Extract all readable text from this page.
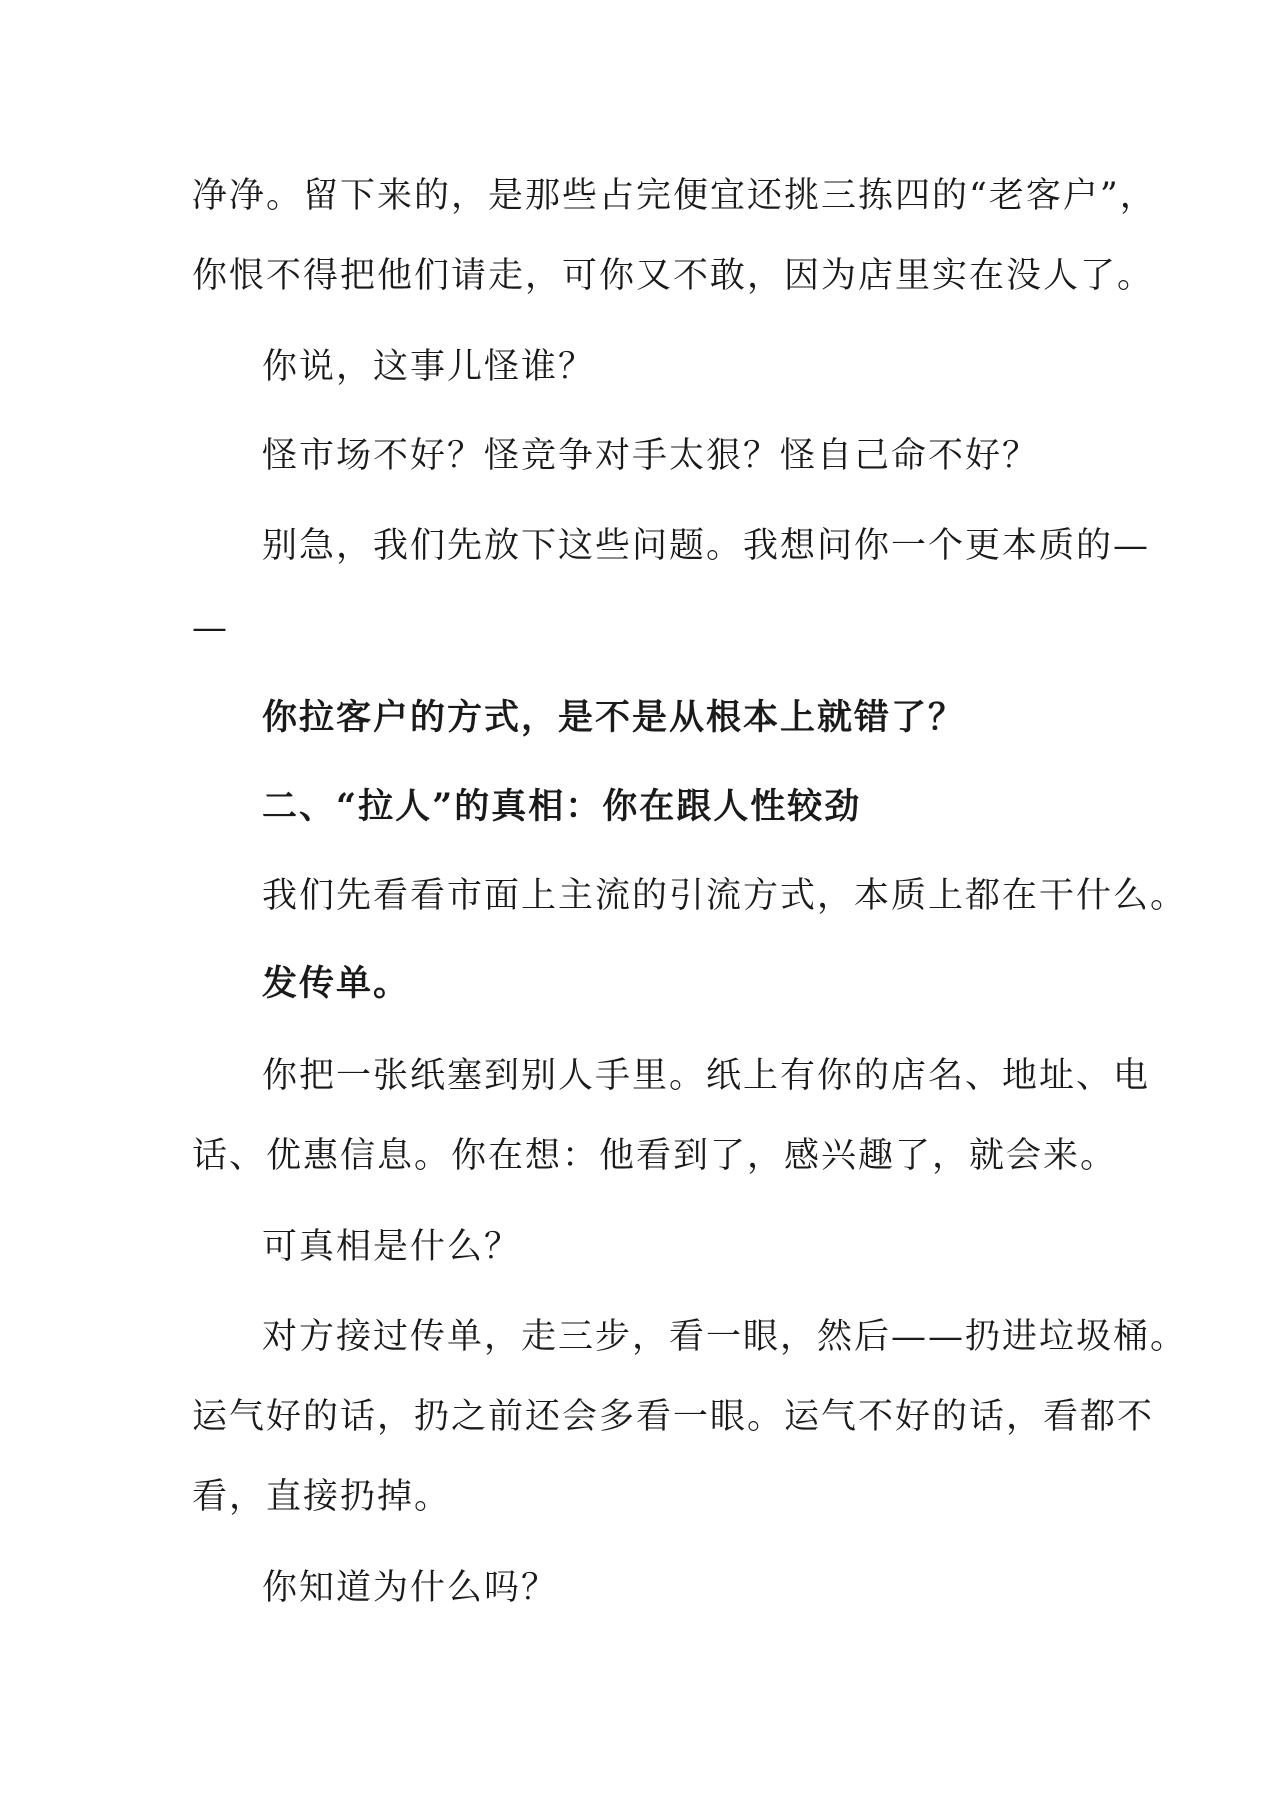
净净。留下来的，是那些占完便宜还挑三拣四的“老客户”，
你恨不得把他们请走，可你又不敢，因为店里实在没人了。
你说，这事儿怪谁？
怪市场不好？怪竞争对手太狠？怪自己命不好？
别急，我们先放下这些问题。我想问你一个更本质的—
—
你拉客户的方式，是不是从根本上就错了？
二、“拉人”的真相：你在跟人性较劲
我们先看看市面上主流的引流方式，本质上都在干什么。
发传单。
你把一张纸塞到别人手里。纸上有你的店名、地址、电
话、优惠信息。你在想：他看到了，感兴趣了，就会来。
可真相是什么？
对方接过传单，走三步，看一眼，然后——扔进垃圾桶。
运气好的话，扔之前还会多看一眼。运气不好的话，看都不
看，直接扔掉。
你知道为什么吗？
